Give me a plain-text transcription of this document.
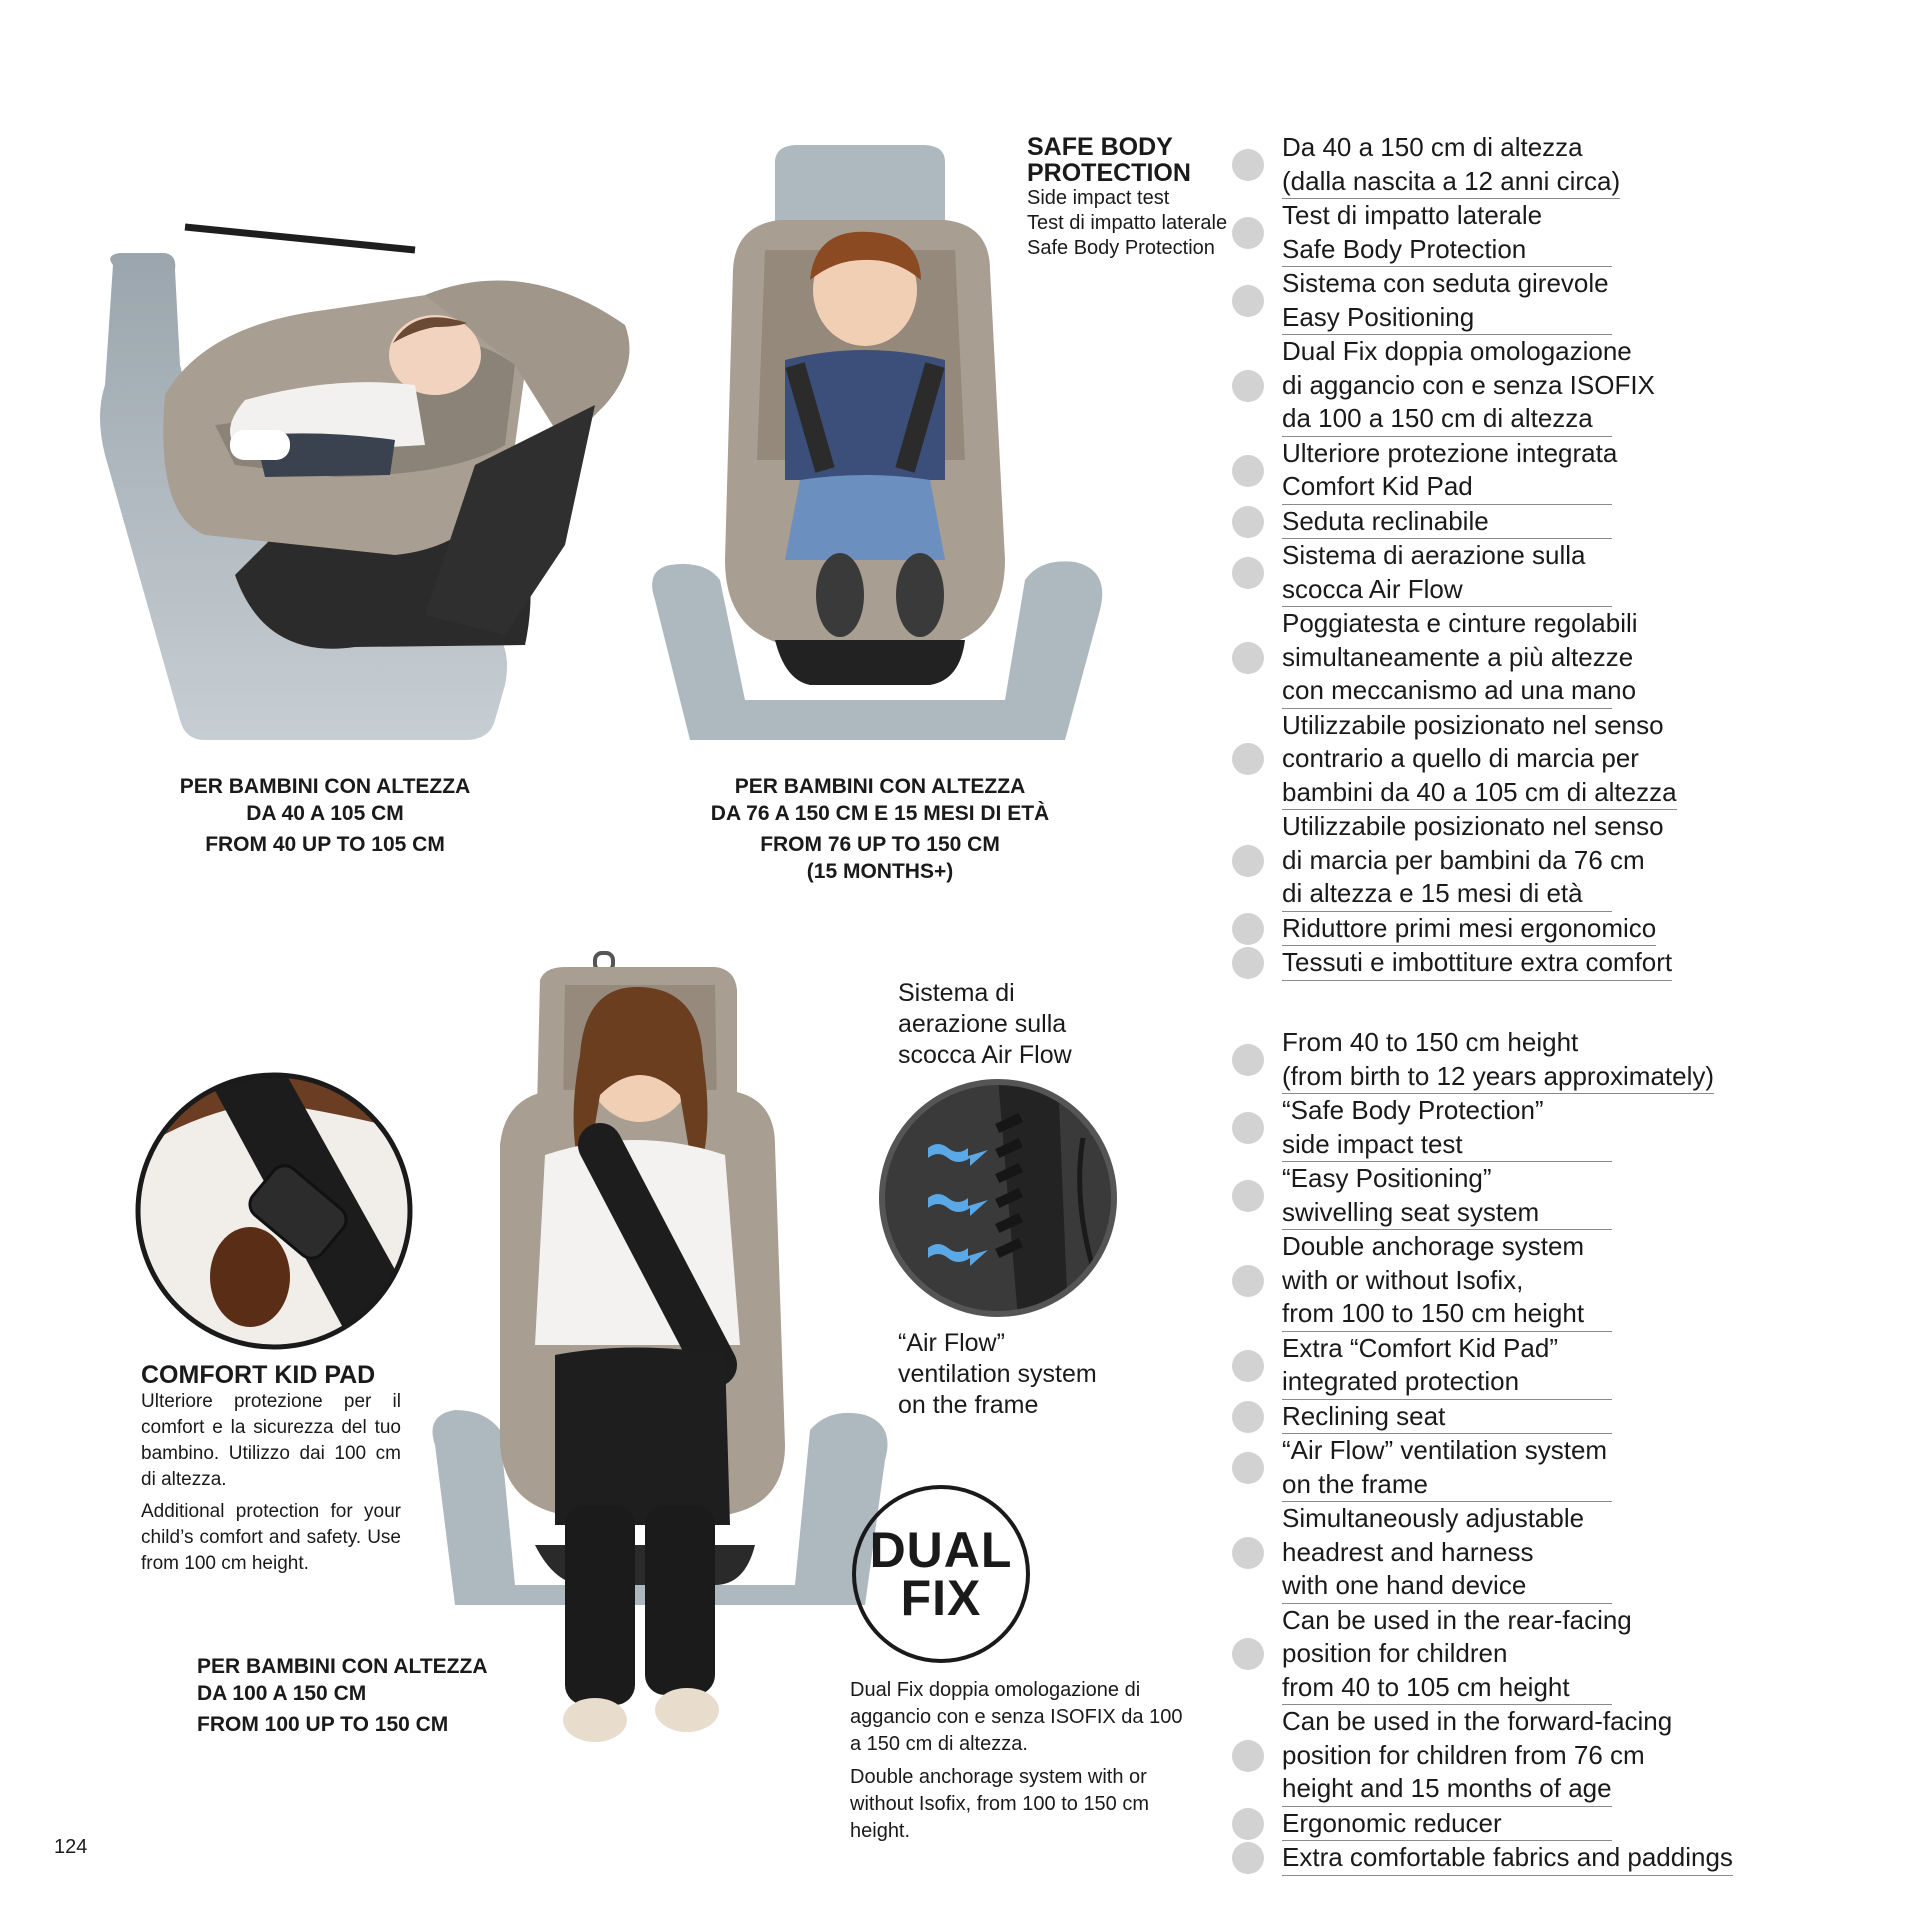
SAFE BODY
PROTECTION
Side impact test
Test di impatto laterale
Safe Body Protection
PER BAMBINI CON ALTEZZA
DA 40 A 105 CM
FROM 40 UP TO 105 CM
PER BAMBINI CON ALTEZZA
DA 76 A 150 CM E 15 MESI DI ETÀ
FROM 76 UP TO 150 CM
(15 MONTHS+)
PER BAMBINI CON ALTEZZA
DA 100 A 150 CM
FROM 100 UP TO 150 CM
COMFORT KID PAD

Ulteriore protezione per il comfort e la sicurezza del tuo bambino. Utilizzo dai 100 cm di altezza.

Additional protection for your child’s comfort and safety. Use from 100 cm height.

Sistema di
aerazione sulla
scocca Air Flow
“Air Flow”
ventilation system
on the frame
DUAL
FIX

Dual Fix doppia omologazione di aggancio con e senza ISOFIX da 100 a 150 cm di altezza.

Double anchorage system with or without Isofix, from 100 to 150 cm height.

Da 40 a 150 cm di altezza
(dalla nascita a 12 anni circa)
Test di impatto laterale
Safe Body Protection
Sistema con seduta girevole
Easy Positioning
Dual Fix doppia omologazione
di aggancio con e senza ISOFIX
da 100 a 150 cm di altezza
Ulteriore protezione integrata
Comfort Kid Pad
Seduta reclinabile
Sistema di aerazione sulla
scocca Air Flow
Poggiatesta e cinture regolabili
simultaneamente a più altezze
con meccanismo ad una mano
Utilizzabile posizionato nel senso
contrario a quello di marcia per
bambini da 40 a 105 cm di altezza
Utilizzabile posizionato nel senso
di marcia per bambini da 76 cm
di altezza e 15 mesi di età
Riduttore primi mesi ergonomico
Tessuti e imbottiture extra comfort
From 40 to 150 cm height
(from birth to 12 years approximately)
“Safe Body Protection”
side impact test
“Easy Positioning”
swivelling seat system
Double anchorage system
with or without Isofix,
from 100 to 150 cm height
Extra “Comfort Kid Pad”
integrated protection
Reclining seat
“Air Flow” ventilation system
on the frame
Simultaneously adjustable
headrest and harness
with one hand device
Can be used in the rear-facing
position for children
from 40 to 105 cm height
Can be used in the forward-facing
position for children from 76 cm
height and 15 months of age
Ergonomic reducer
Extra comfortable fabrics and paddings
124
